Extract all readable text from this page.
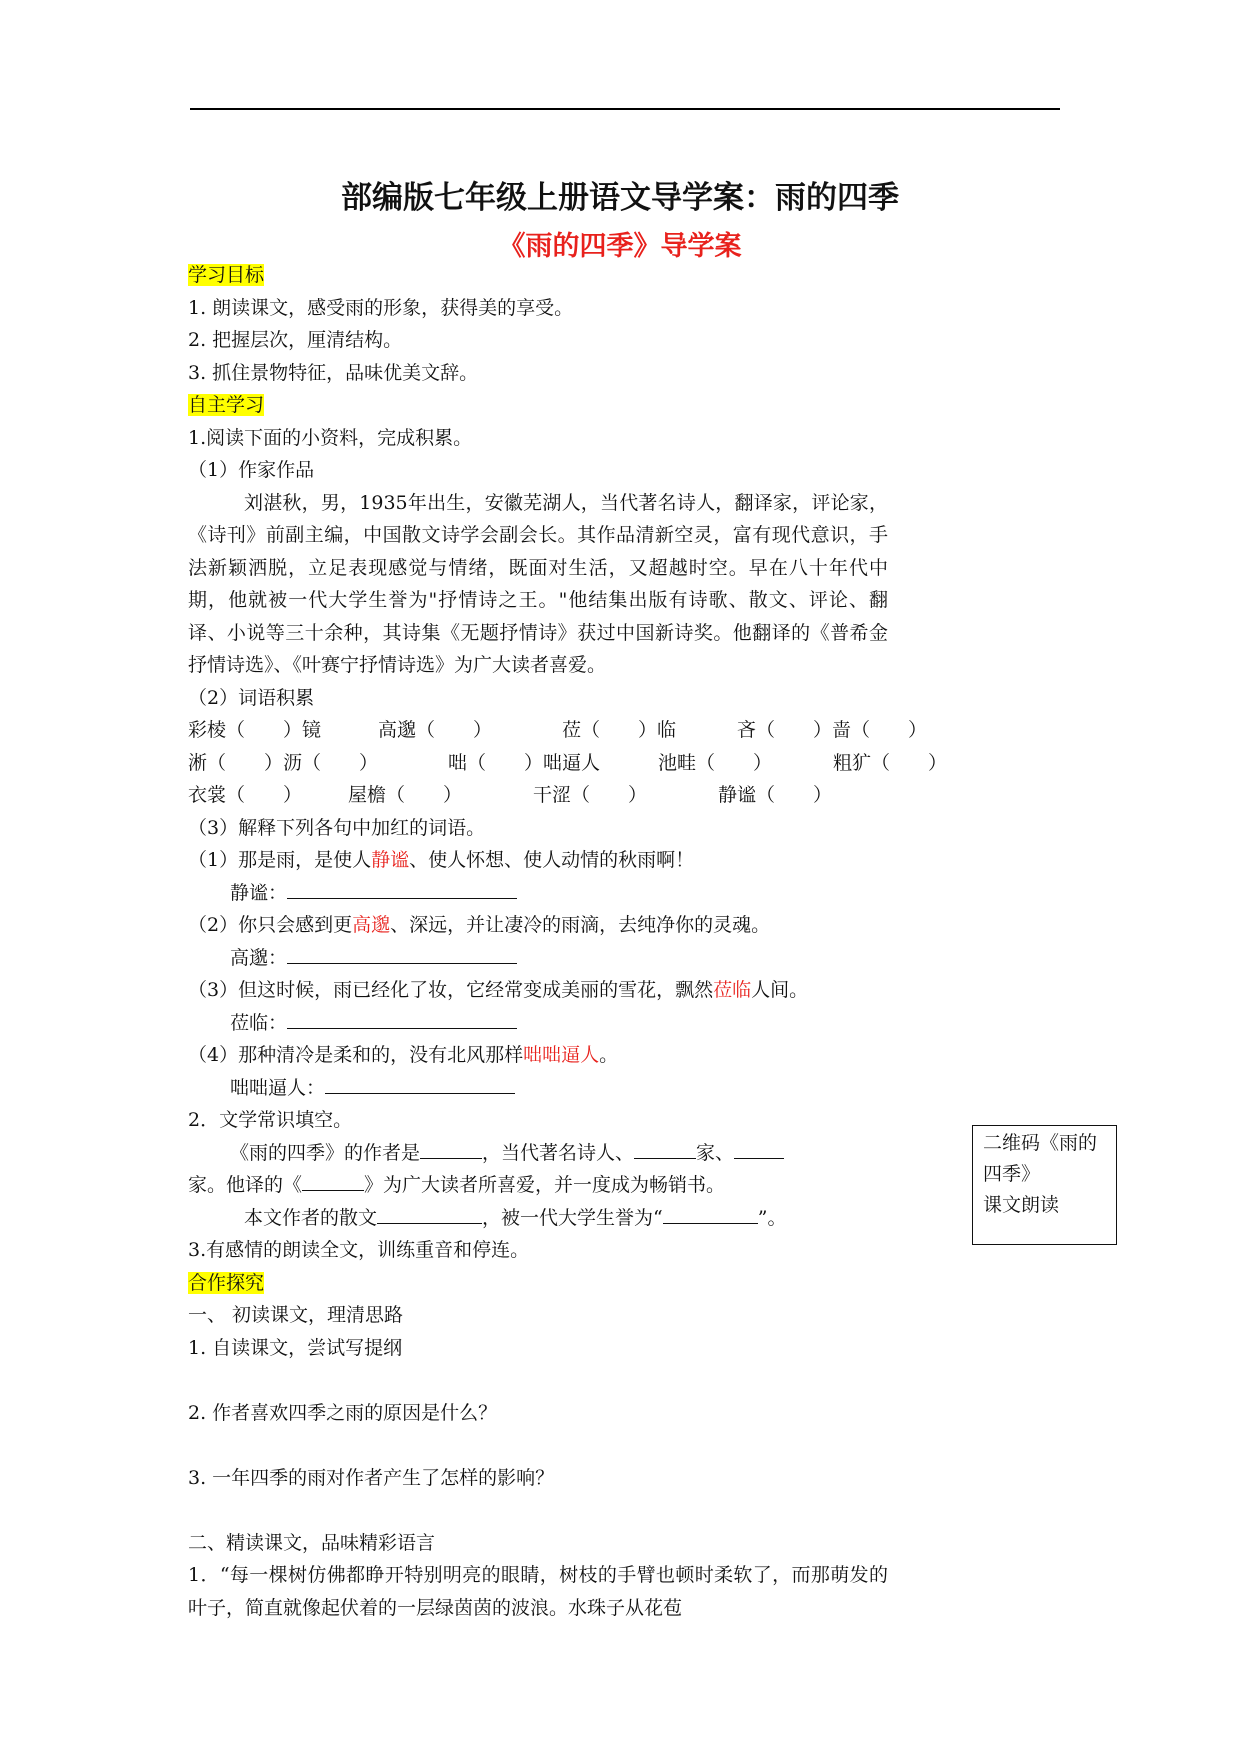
部编版七年级上册语文导学案：雨的四季
《雨的四季》导学案
学习目标
1. 朗读课文，感受雨的形象，获得美的享受。
2. 把握层次，厘清结构。
3. 抓住景物特征，品味优美文辞。
自主学习
1.阅读下面的小资料，完成积累。
（1）作家作品
刘湛秋，男，1935年出生，安徽芜湖人，当代著名诗人，翻译家，评论家，《诗刊》前副主编，中国散文诗学会副会长。其作品清新空灵，富有现代意识，手法新颖洒脱，立足表现感觉与情绪，既面对生活，又超越时空。早在八十年代中期，他就被一代大学生誉为"抒情诗之王。"他结集出版有诗歌、散文、评论、翻译、小说等三十余种，其诗集《无题抒情诗》获过中国新诗奖。他翻译的《普希金抒情诗选》、《叶赛宁抒情诗选》为广大读者喜爱。
（2）词语积累
彩棱（　　）镜	高邈（　　）	莅（　　）临	吝（　　）啬（　　）
淅（　　）沥（　　）	咄（　　）咄逼人	池畦（　　）	粗犷（　　）
衣裳（　　）	屋檐（　　）	干涩（　　）	静谧（　　）
（3）解释下列各句中加红的词语。
（1）那是雨，是使人静谧、使人怀想、使人动情的秋雨啊！
静谧：
（2）你只会感到更高邈、深远，并让凄冷的雨滴，去纯净你的灵魂。
高邈：
（3）但这时候，雨已经化了妆，它经常变成美丽的雪花，飘然莅临人间。
莅临：
（4）那种清冷是柔和的，没有北风那样咄咄逼人。
咄咄逼人：
2．文学常识填空。
《雨的四季》的作者是	，当代著名诗人、	家、
家。他译的《	》为广大读者所喜爱，并一度成为畅销书。
本文作者的散文	，被一代大学生誉为“	”。
3.有感情的朗读全文，训练重音和停连。
合作探究
一、 初读课文，理清思路
1. 自读课文，尝试写提纲
2. 作者喜欢四季之雨的原因是什么？
3. 一年四季的雨对作者产生了怎样的影响？
二、精读课文，品味精彩语言
1．“每一棵树仿佛都睁开特别明亮的眼睛，树枝的手臂也顿时柔软了，而那萌发的叶子，简直就像起伏着的一层绿茵茵的波浪。水珠子从花苞
二维码《雨的
四季》
课文朗读
